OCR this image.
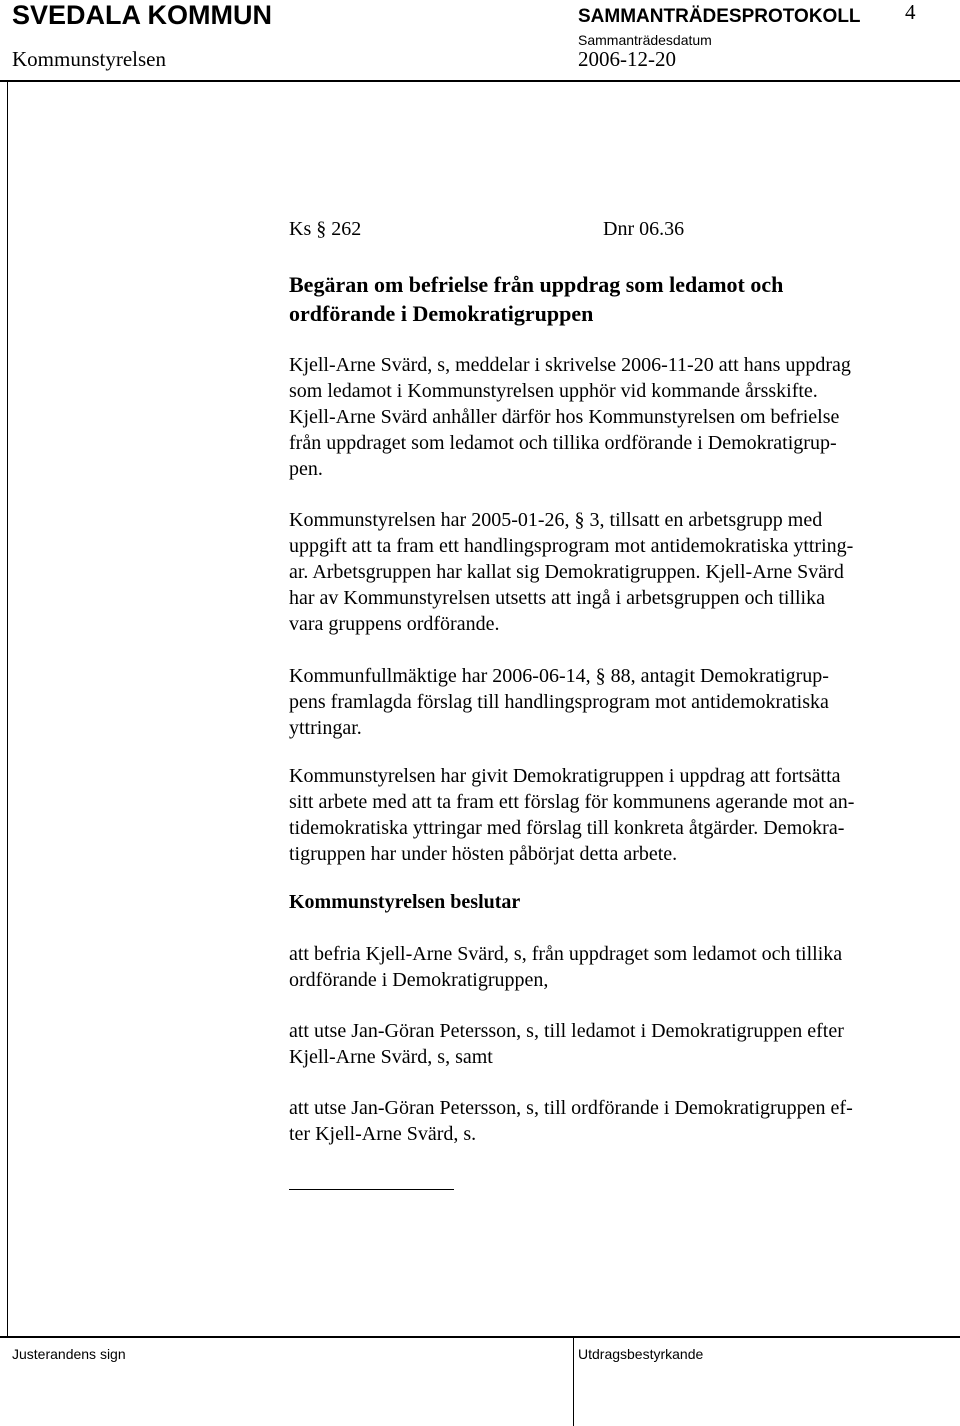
SVEDALA KOMMUN	SAMMANTRÄDESPROTOKOLL 4
Kommunstyrelsen
Sammanträdesdatum
2006-12-20
Ks § 262	Dnr 06.36
Begäran om befrielse från uppdrag som ledamot och
ordförande i Demokratigruppen
Kjell-Arne Svärd, s, meddelar i skrivelse 2006-11-20 att hans uppdrag
som ledamot i Kommunstyrelsen upphör vid kommande årsskifte.
Kjell-Arne Svärd anhåller därför hos Kommunstyrelsen om befrielse
från uppdraget som ledamot och tillika ordförande i Demokratigrup-
pen.
Kommunstyrelsen har 2005-01-26, § 3, tillsatt en arbetsgrupp med
uppgift att ta fram ett handlingsprogram mot antidemokratiska yttring-
ar. Arbetsgruppen har kallat sig Demokratigruppen. Kjell-Arne Svärd
har av Kommunstyrelsen utsetts att ingå i arbetsgruppen och tillika
vara gruppens ordförande.
Kommunfullmäktige har 2006-06-14, § 88, antagit Demokratigrup-
pens framlagda förslag till handlingsprogram mot antidemokratiska
yttringar.
Kommunstyrelsen har givit Demokratigruppen i uppdrag att fortsätta
sitt arbete med att ta fram ett förslag för kommunens agerande mot an-
tidemokratiska yttringar med förslag till konkreta åtgärder. Demokra-
tigruppen har under hösten påbörjat detta arbete.
Kommunstyrelsen beslutar
att befria Kjell-Arne Svärd, s, från uppdraget som ledamot och tillika
ordförande i Demokratigruppen,
att utse Jan-Göran Petersson, s, till ledamot i Demokratigruppen efter
Kjell-Arne Svärd, s, samt
att utse Jan-Göran Petersson, s, till ordförande i Demokratigruppen ef-
ter Kjell-Arne Svärd, s.
Justerandens sign	Utdragsbestyrkande
